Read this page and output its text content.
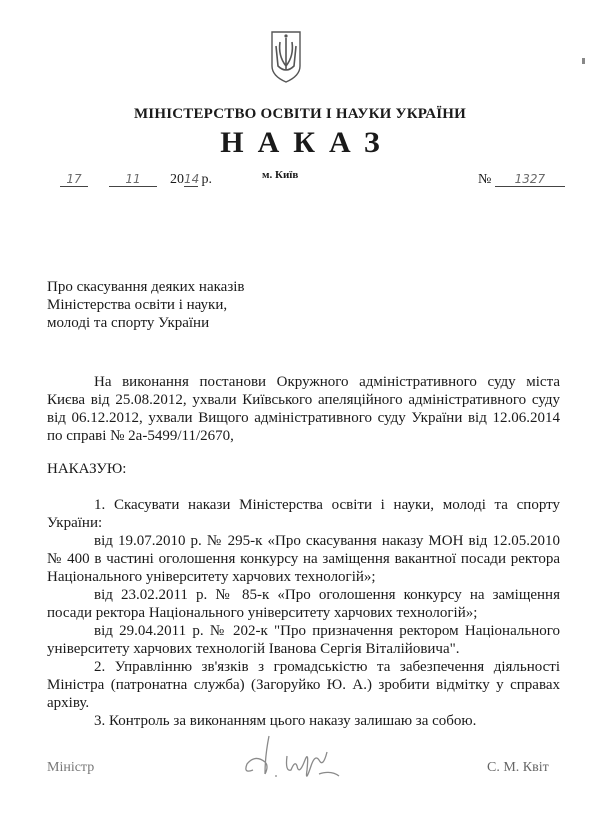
МІНІСТЕРСТВО ОСВІТИ І НАУКИ УКРАЇНИ
НАКАЗ
17	11 2014 р.	м. Київ	№ 1327
Про скасування деяких наказів
Міністерства освіти і науки,
молоді та спорту України

На виконання постанови Окружного адміністративного суду міста Києва від 25.08.2012, ухвали Київського апеляційного адміністративного суду від 06.12.2012, ухвали Вищого адміністративного суду України від 12.06.2014 по справі № 2а-5499/11/2670,

НАКАЗУЮ:

1. Скасувати накази Міністерства освіти і науки, молоді та спорту України:

від 19.07.2010 р. № 295-к «Про скасування наказу МОН від 12.05.2010 № 400 в частині оголошення конкурсу на заміщення вакантної посади ректора Національного університету харчових технологій»;

від 23.02.2011 р. № 85-к «Про оголошення конкурсу на заміщення посади ректора Національного університету харчових технологій»;

від 29.04.2011 р. № 202-к "Про призначення ректором Національного університету харчових технологій Іванова Сергія Віталійовича".

2. Управлінню зв'язків з громадськістю та забезпечення діяльності Міністра (патронатна служба) (Загоруйко Ю. А.) зробити відмітку у справах архіву.

3. Контроль за виконанням цього наказу залишаю за собою.

Міністр	С. М. Квіт
